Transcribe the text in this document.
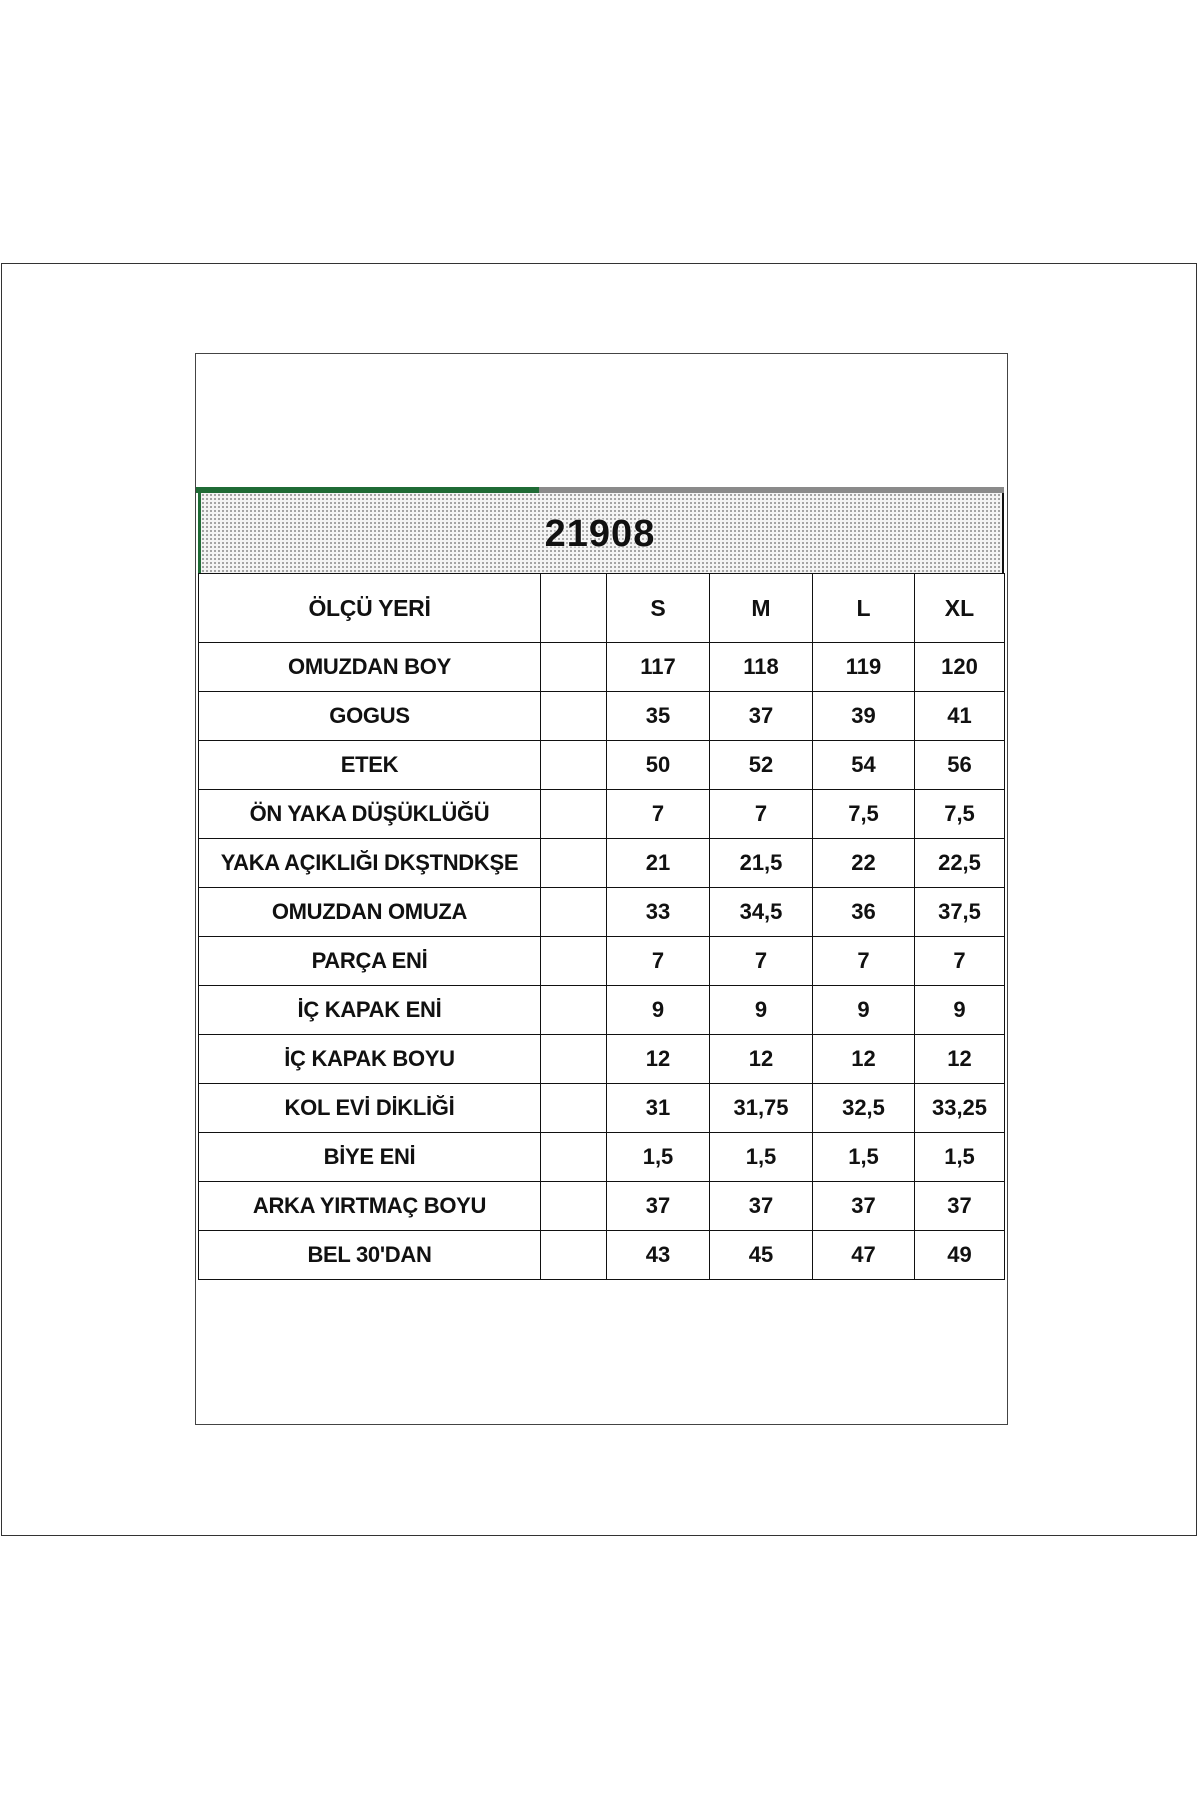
21908
ÖLÇÜ YERİ		S	M	L	XL
OMUZDAN BOY		117	118	119	120
GOGUS		35	37	39	41
ETEK		50	52	54	56
ÖN YAKA DÜŞÜKLÜĞÜ		7	7	7,5	7,5
YAKA AÇIKLIĞI DKŞTNDKŞE		21	21,5	22	22,5
OMUZDAN OMUZA		33	34,5	36	37,5
PARÇA ENİ		7	7	7	7
İÇ KAPAK ENİ		9	9	9	9
İÇ KAPAK BOYU		12	12	12	12
KOL EVİ DİKLİĞİ		31	31,75	32,5	33,25
BİYE ENİ		1,5	1,5	1,5	1,5
ARKA YIRTMAÇ BOYU		37	37	37	37
BEL 30'DAN		43	45	47	49
